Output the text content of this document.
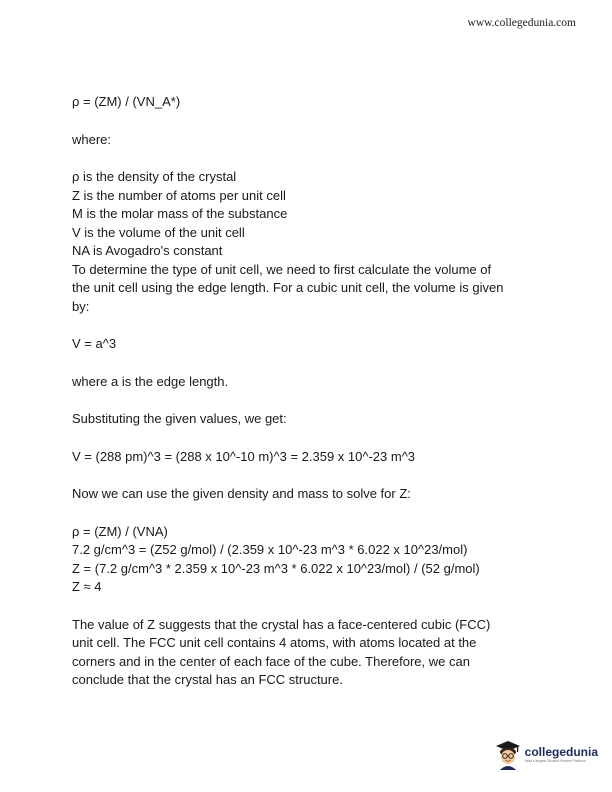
www.collegedunia.com
ρ = (ZM) / (VN_A*)
where:
ρ is the density of the crystal
Z is the number of atoms per unit cell
M is the molar mass of the substance
V is the volume of the unit cell
NA is Avogadro's constant
To determine the type of unit cell, we need to first calculate the volume of
the unit cell using the edge length. For a cubic unit cell, the volume is given
by:
V = a^3
where a is the edge length.
Substituting the given values, we get:
V = (288 pm)^3 = (288 x 10^-10 m)^3 = 2.359 x 10^-23 m^3
Now we can use the given density and mass to solve for Z:
ρ = (ZM) / (VNA)
7.2 g/cm^3 = (Z52 g/mol) / (2.359 x 10^-23 m^3 * 6.022 x 10^23/mol)
Z = (7.2 g/cm^3 * 2.359 x 10^-23 m^3 * 6.022 x 10^23/mol) / (52 g/mol)
Z ≈ 4
The value of Z suggests that the crystal has a face-centered cubic (FCC)
unit cell. The FCC unit cell contains 4 atoms, with atoms located at the
corners and in the center of each face of the cube. Therefore, we can
conclude that the crystal has an FCC structure.
collegedunia
India's largest Student Review Platform
